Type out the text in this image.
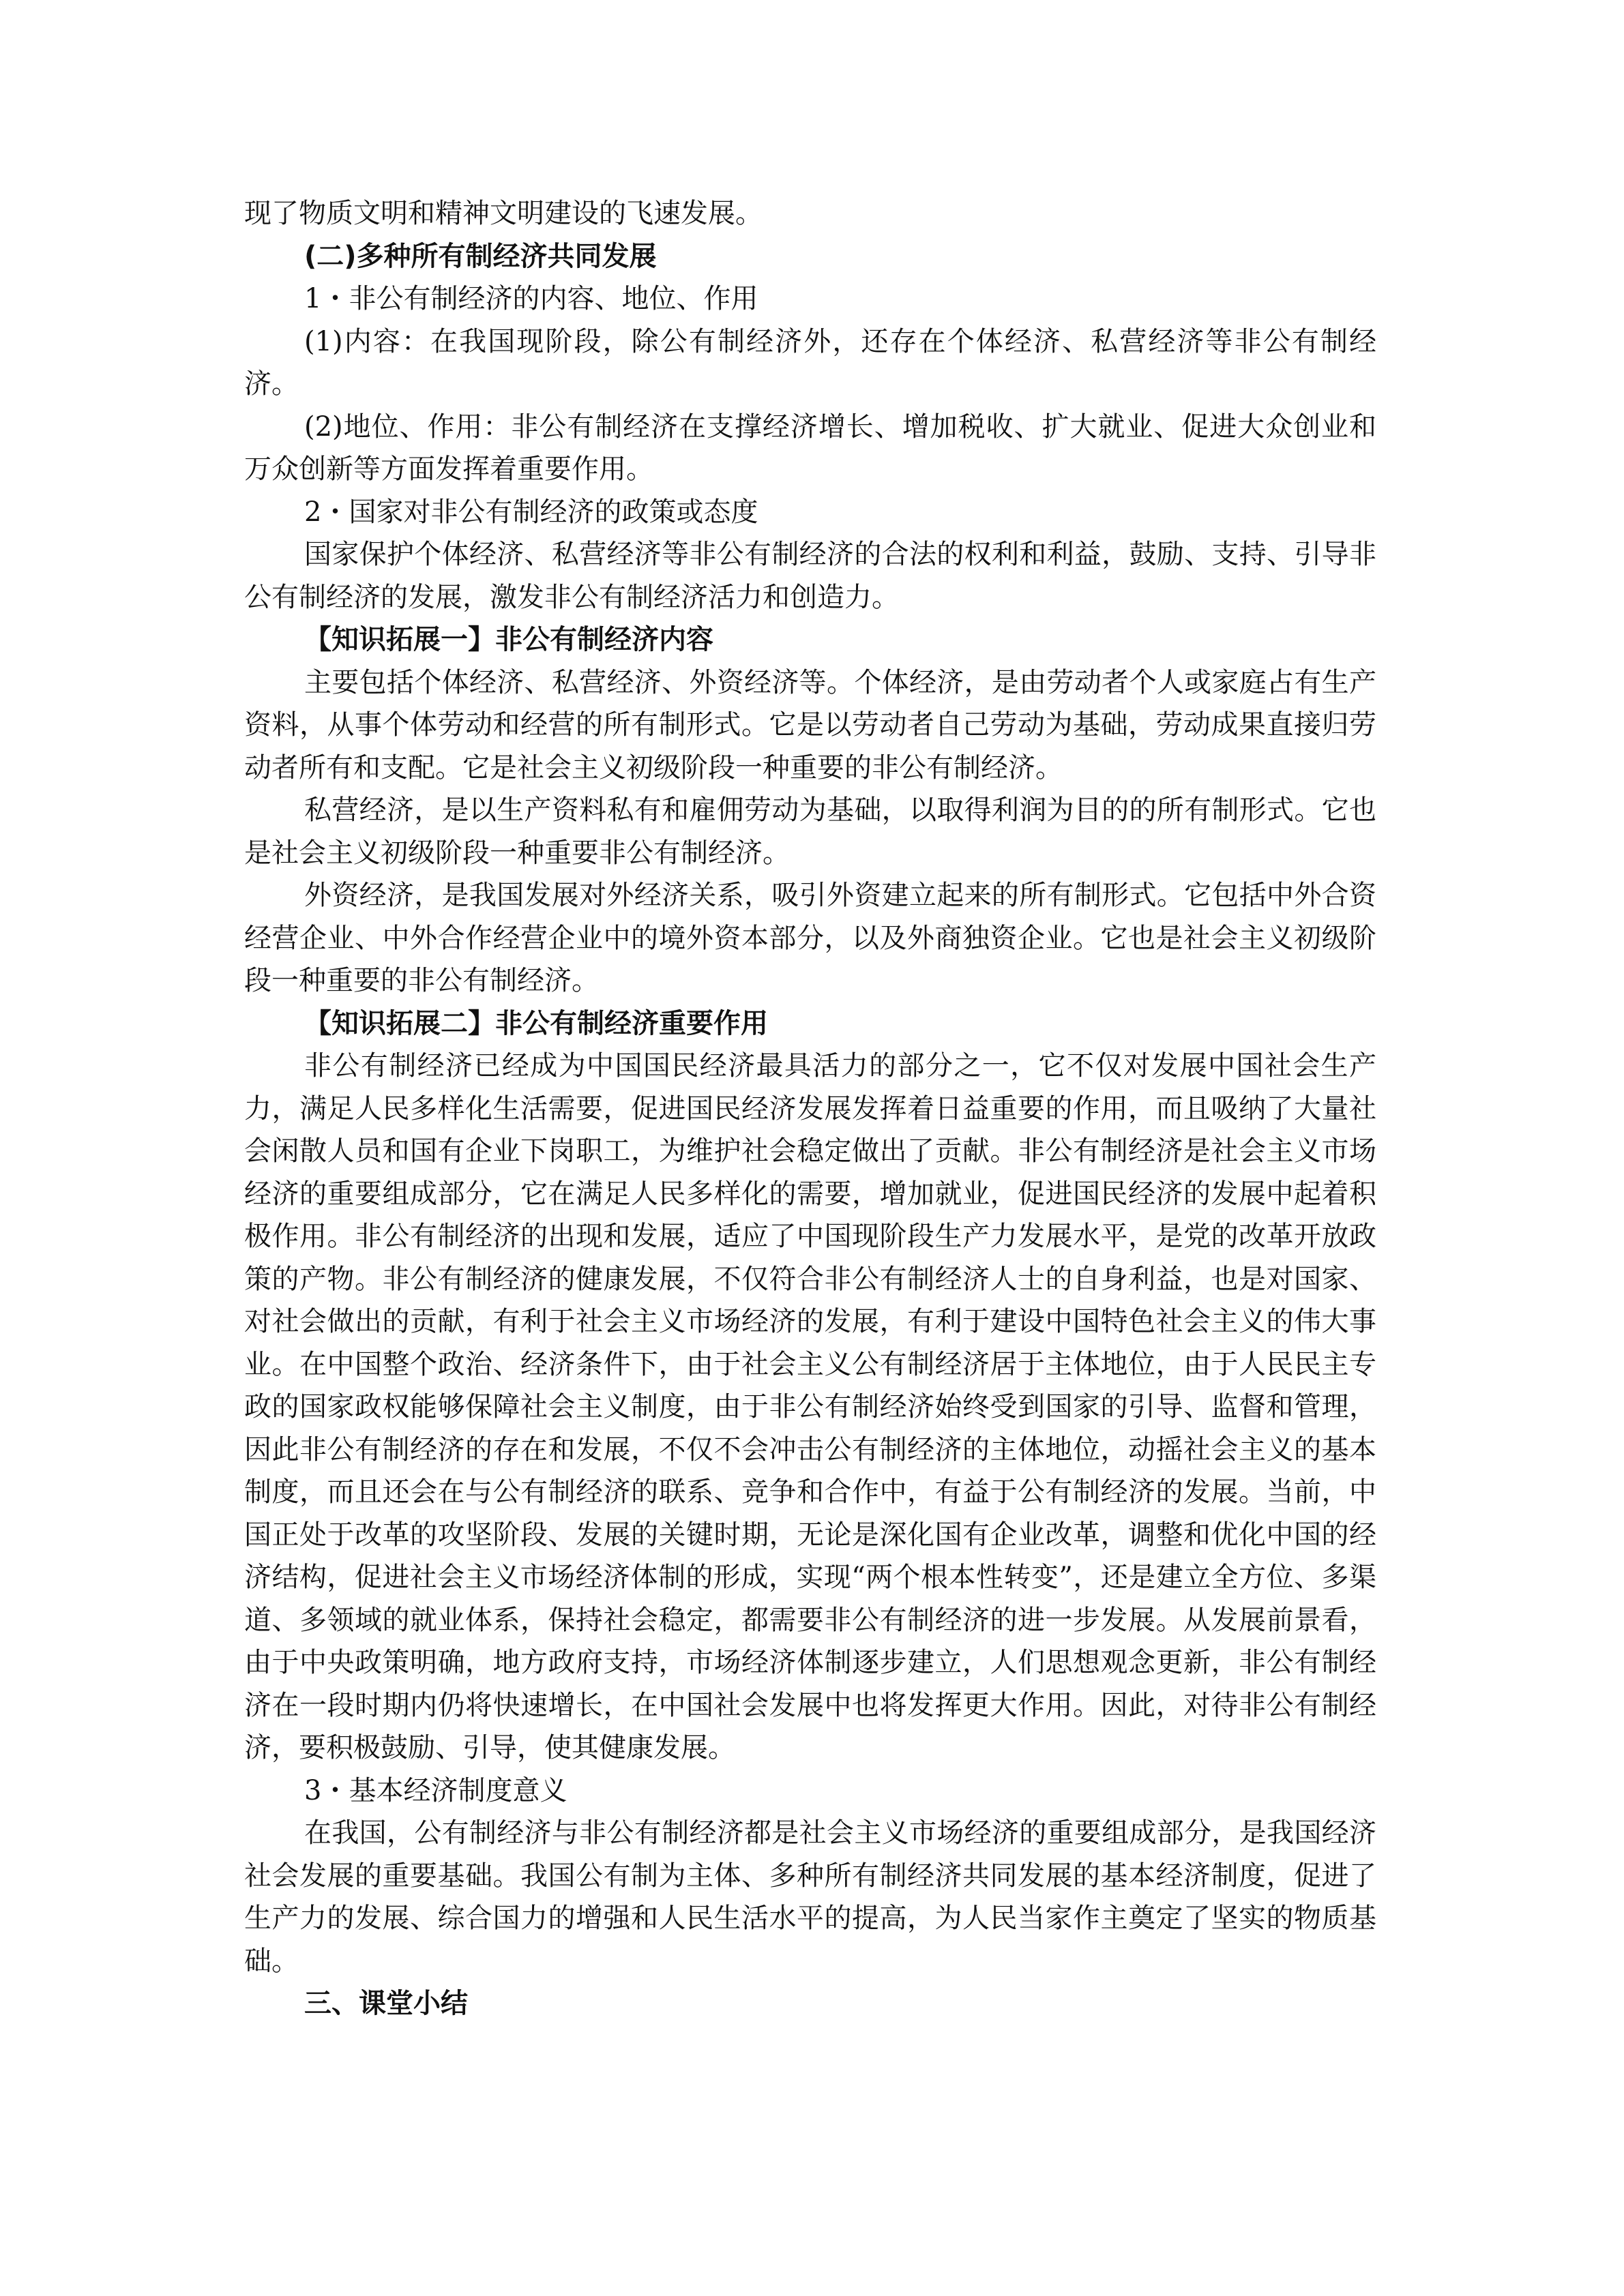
现了物质文明和精神文明建设的飞速发展。

(二)多种所有制经济共同发展

1・非公有制经济的内容、地位、作用

(1)内容：在我国现阶段，除公有制经济外，还存在个体经济、私营经济等非公有制经济。

(2)地位、作用：非公有制经济在支撑经济增长、增加税收、扩大就业、促进大众创业和万众创新等方面发挥着重要作用。

2・国家对非公有制经济的政策或态度

国家保护个体经济、私营经济等非公有制经济的合法的权利和利益，鼓励、支持、引导非公有制经济的发展，激发非公有制经济活力和创造力。

【知识拓展一】非公有制经济内容

主要包括个体经济、私营经济、外资经济等。个体经济，是由劳动者个人或家庭占有生产资料，从事个体劳动和经营的所有制形式。它是以劳动者自己劳动为基础，劳动成果直接归劳动者所有和支配。它是社会主义初级阶段一种重要的非公有制经济。

私营经济，是以生产资料私有和雇佣劳动为基础，以取得利润为目的的所有制形式。它也是社会主义初级阶段一种重要非公有制经济。

外资经济，是我国发展对外经济关系，吸引外资建立起来的所有制形式。它包括中外合资经营企业、中外合作经营企业中的境外资本部分，以及外商独资企业。它也是社会主义初级阶段一种重要的非公有制经济。

【知识拓展二】非公有制经济重要作用

非公有制经济已经成为中国国民经济最具活力的部分之一，它不仅对发展中国社会生产力，满足人民多样化生活需要，促进国民经济发展发挥着日益重要的作用，而且吸纳了大量社会闲散人员和国有企业下岗职工，为维护社会稳定做出了贡献。非公有制经济是社会主义市场经济的重要组成部分，它在满足人民多样化的需要，增加就业，促进国民经济的发展中起着积极作用。非公有制经济的出现和发展，适应了中国现阶段生产力发展水平，是党的改革开放政策的产物。非公有制经济的健康发展，不仅符合非公有制经济人士的自身利益，也是对国家、对社会做出的贡献，有利于社会主义市场经济的发展，有利于建设中国特色社会主义的伟大事业。在中国整个政治、经济条件下，由于社会主义公有制经济居于主体地位，由于人民民主专政的国家政权能够保障社会主义制度，由于非公有制经济始终受到国家的引导、监督和管理，因此非公有制经济的存在和发展，不仅不会冲击公有制经济的主体地位，动摇社会主义的基本制度，而且还会在与公有制经济的联系、竞争和合作中，有益于公有制经济的发展。当前，中国正处于改革的攻坚阶段、发展的关键时期，无论是深化国有企业改革，调整和优化中国的经济结构，促进社会主义市场经济体制的形成，实现“两个根本性转变”，还是建立全方位、多渠道、多领域的就业体系，保持社会稳定，都需要非公有制经济的进一步发展。从发展前景看，由于中央政策明确，地方政府支持，市场经济体制逐步建立，人们思想观念更新，非公有制经济在一段时期内仍将快速增长，在中国社会发展中也将发挥更大作用。因此，对待非公有制经济，要积极鼓励、引导，使其健康发展。

3・基本经济制度意义

在我国，公有制经济与非公有制经济都是社会主义市场经济的重要组成部分，是我国经济社会发展的重要基础。我国公有制为主体、多种所有制经济共同发展的基本经济制度，促进了生产力的发展、综合国力的增强和人民生活水平的提高，为人民当家作主奠定了坚实的物质基础。

三、课堂小结
